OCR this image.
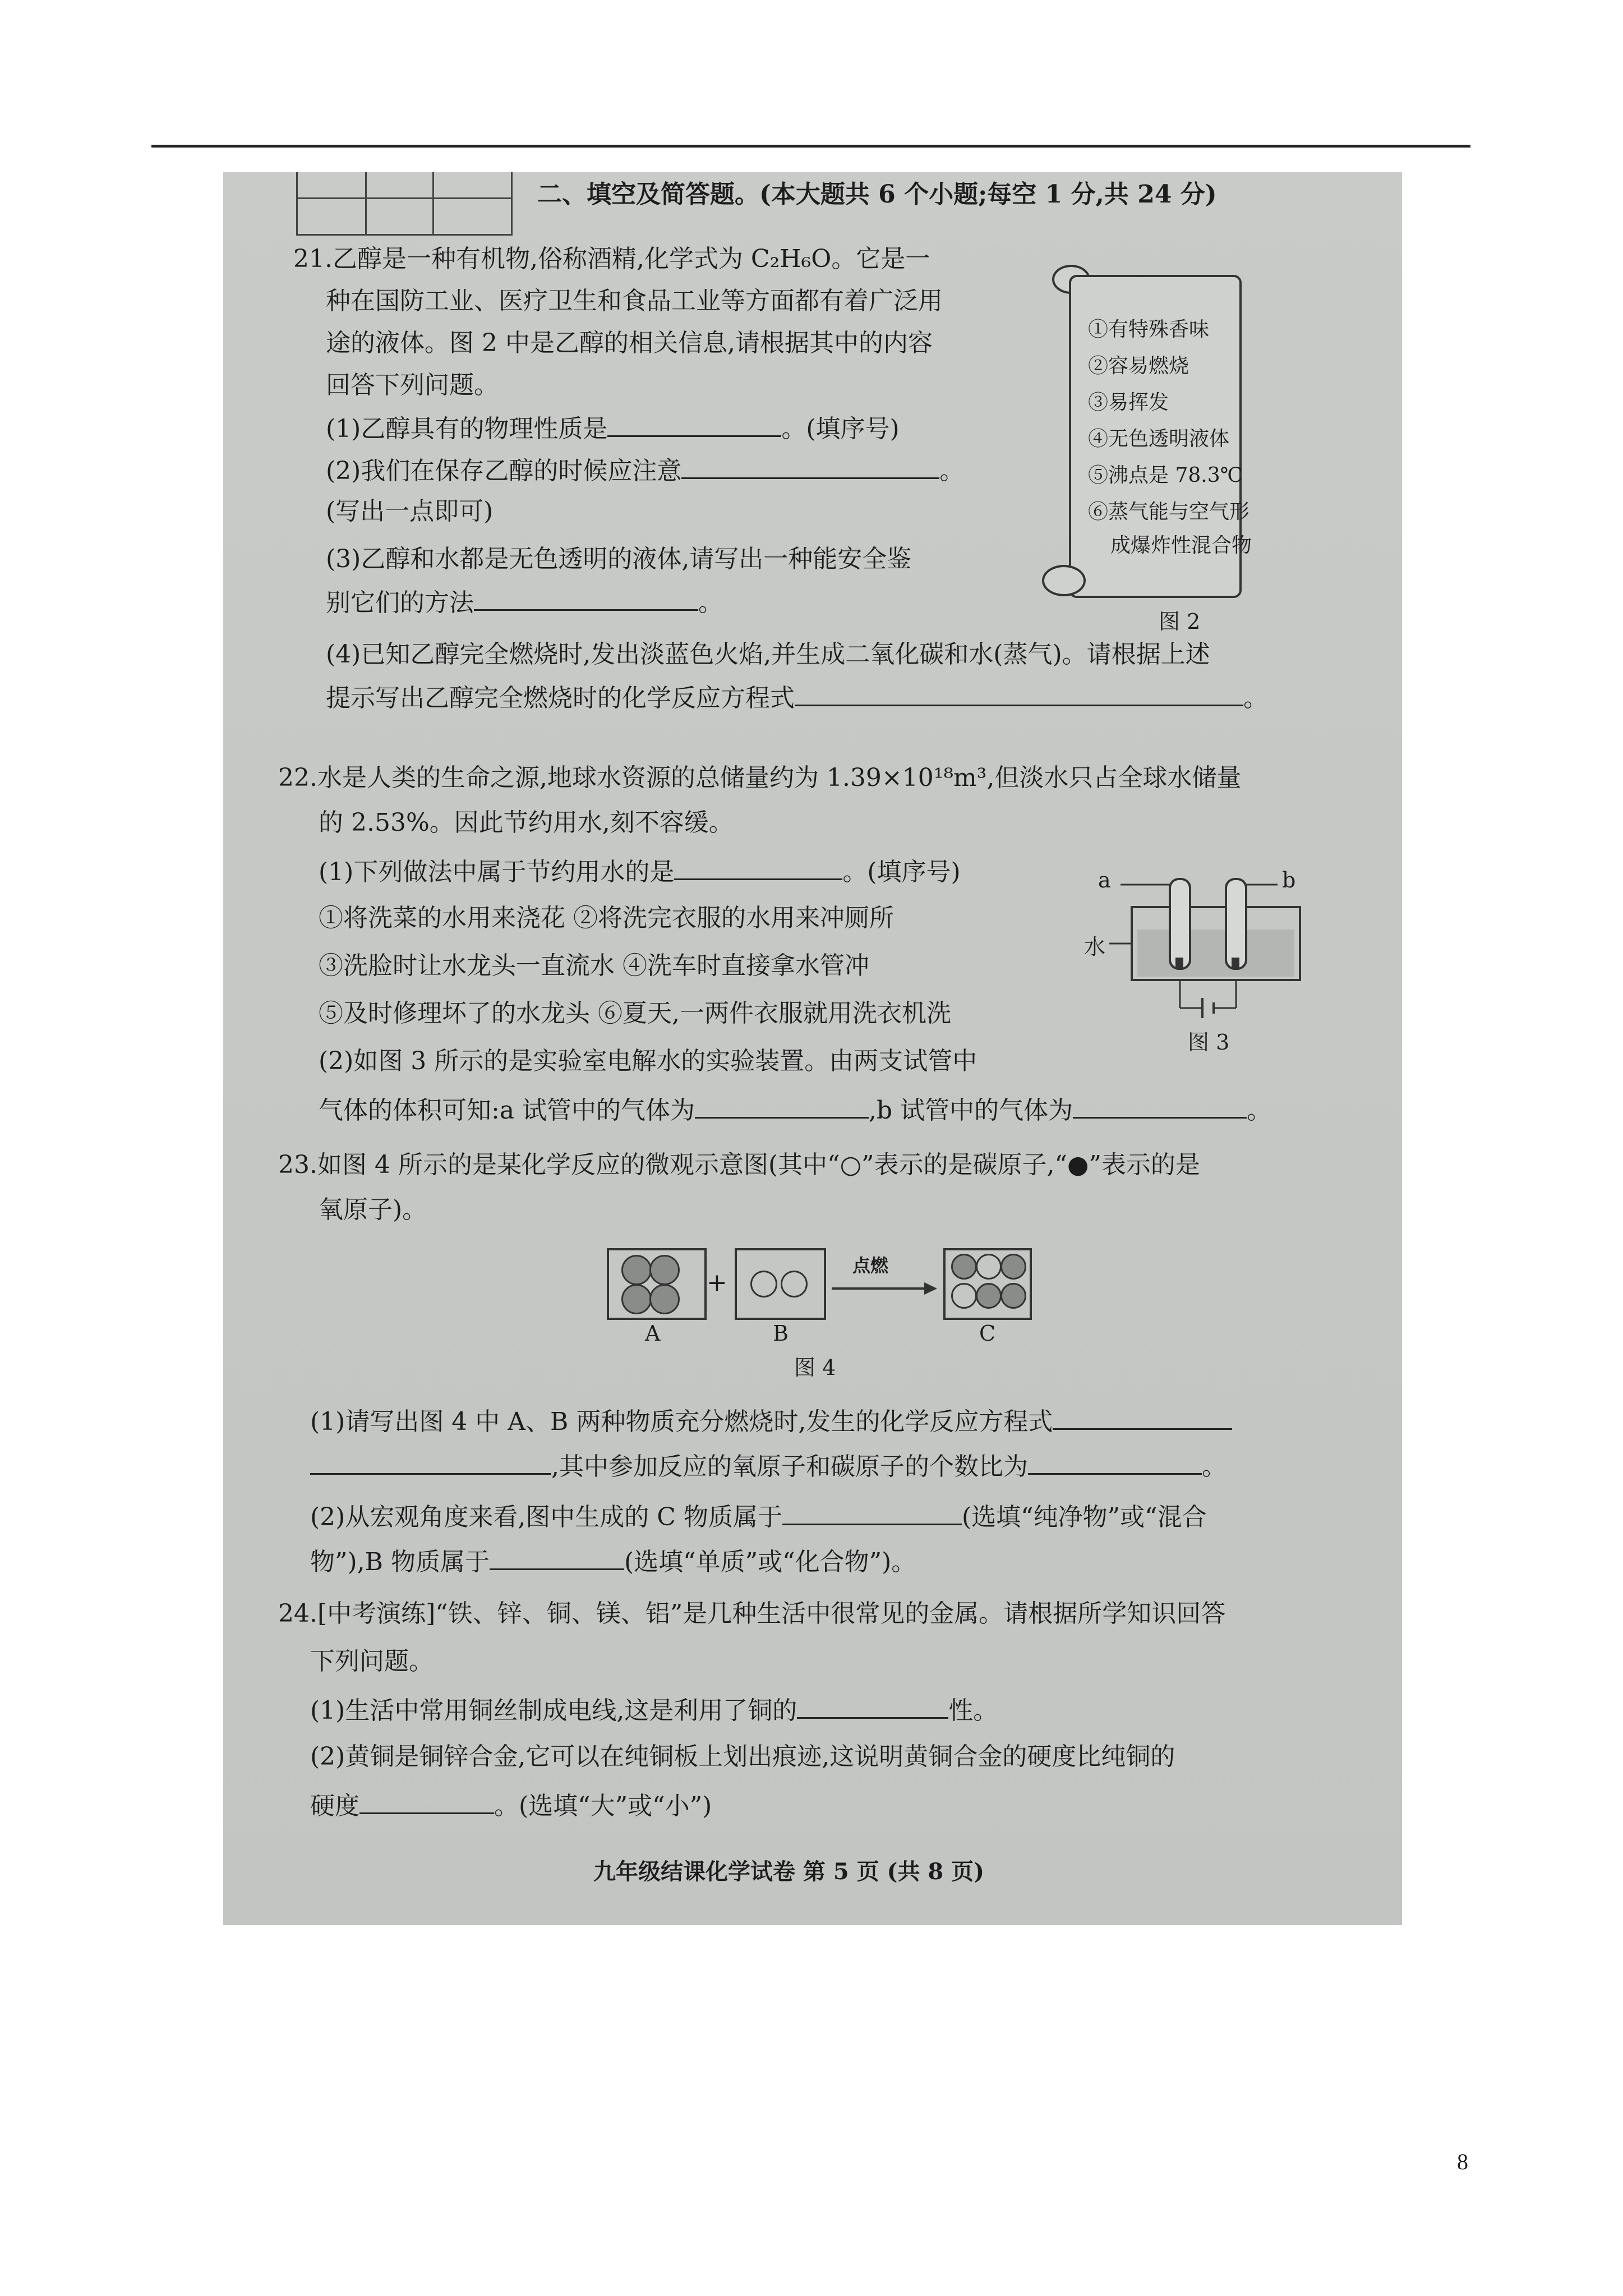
二、填空及简答题。(本大题共 6 个小题;每空 1 分,共 24 分)
21.乙醇是一种有机物,俗称酒精,化学式为 C₂H₆O。它是一
种在国防工业、医疗卫生和食品工业等方面都有着广泛用
途的液体。图 2 中是乙醇的相关信息,请根据其中的内容
回答下列问题。
(1)乙醇具有的物理性质是	。(填序号)
(2)我们在保存乙醇的时候应注意	。
(写出一点即可)
(3)乙醇和水都是无色透明的液体,请写出一种能安全鉴
别它们的方法	。
(4)已知乙醇完全燃烧时,发出淡蓝色火焰,并生成二氧化碳和水(蒸气)。请根据上述
提示写出乙醇完全燃烧时的化学反应方程式	。
①有特殊香味
②容易燃烧
③易挥发
④无色透明液体
⑤沸点是 78.3℃
⑥蒸气能与空气形
成爆炸性混合物
图 2
22.水是人类的生命之源,地球水资源的总储量约为 1.39×10¹⁸m³,但淡水只占全球水储量
的 2.53%。因此节约用水,刻不容缓。
(1)下列做法中属于节约用水的是	。(填序号)
①将洗菜的水用来浇花 ②将洗完衣服的水用来冲厕所
③洗脸时让水龙头一直流水 ④洗车时直接拿水管冲
⑤及时修理坏了的水龙头 ⑥夏天,一两件衣服就用洗衣机洗
(2)如图 3 所示的是实验室电解水的实验装置。由两支试管中
气体的体积可知:a 试管中的气体为	,b 试管中的气体为	。
a	b
水
图 3
23.如图 4 所示的是某化学反应的微观示意图(其中“○”表示的是碳原子,“●”表示的是
氧原子)。
+
点燃
A	B	C
图 4
(1)请写出图 4 中 A、B 两种物质充分燃烧时,发生的化学反应方程式
,其中参加反应的氧原子和碳原子的个数比为	。
(2)从宏观角度来看,图中生成的 C 物质属于	(选填“纯净物”或“混合
物”),B 物质属于	(选填“单质”或“化合物”)。
24.[中考演练]“铁、锌、铜、镁、铝”是几种生活中很常见的金属。请根据所学知识回答
下列问题。
(1)生活中常用铜丝制成电线,这是利用了铜的	性。
(2)黄铜是铜锌合金,它可以在纯铜板上划出痕迹,这说明黄铜合金的硬度比纯铜的
硬度	。(选填“大”或“小”)
九年级结课化学试卷 第 5 页 (共 8 页)
8
